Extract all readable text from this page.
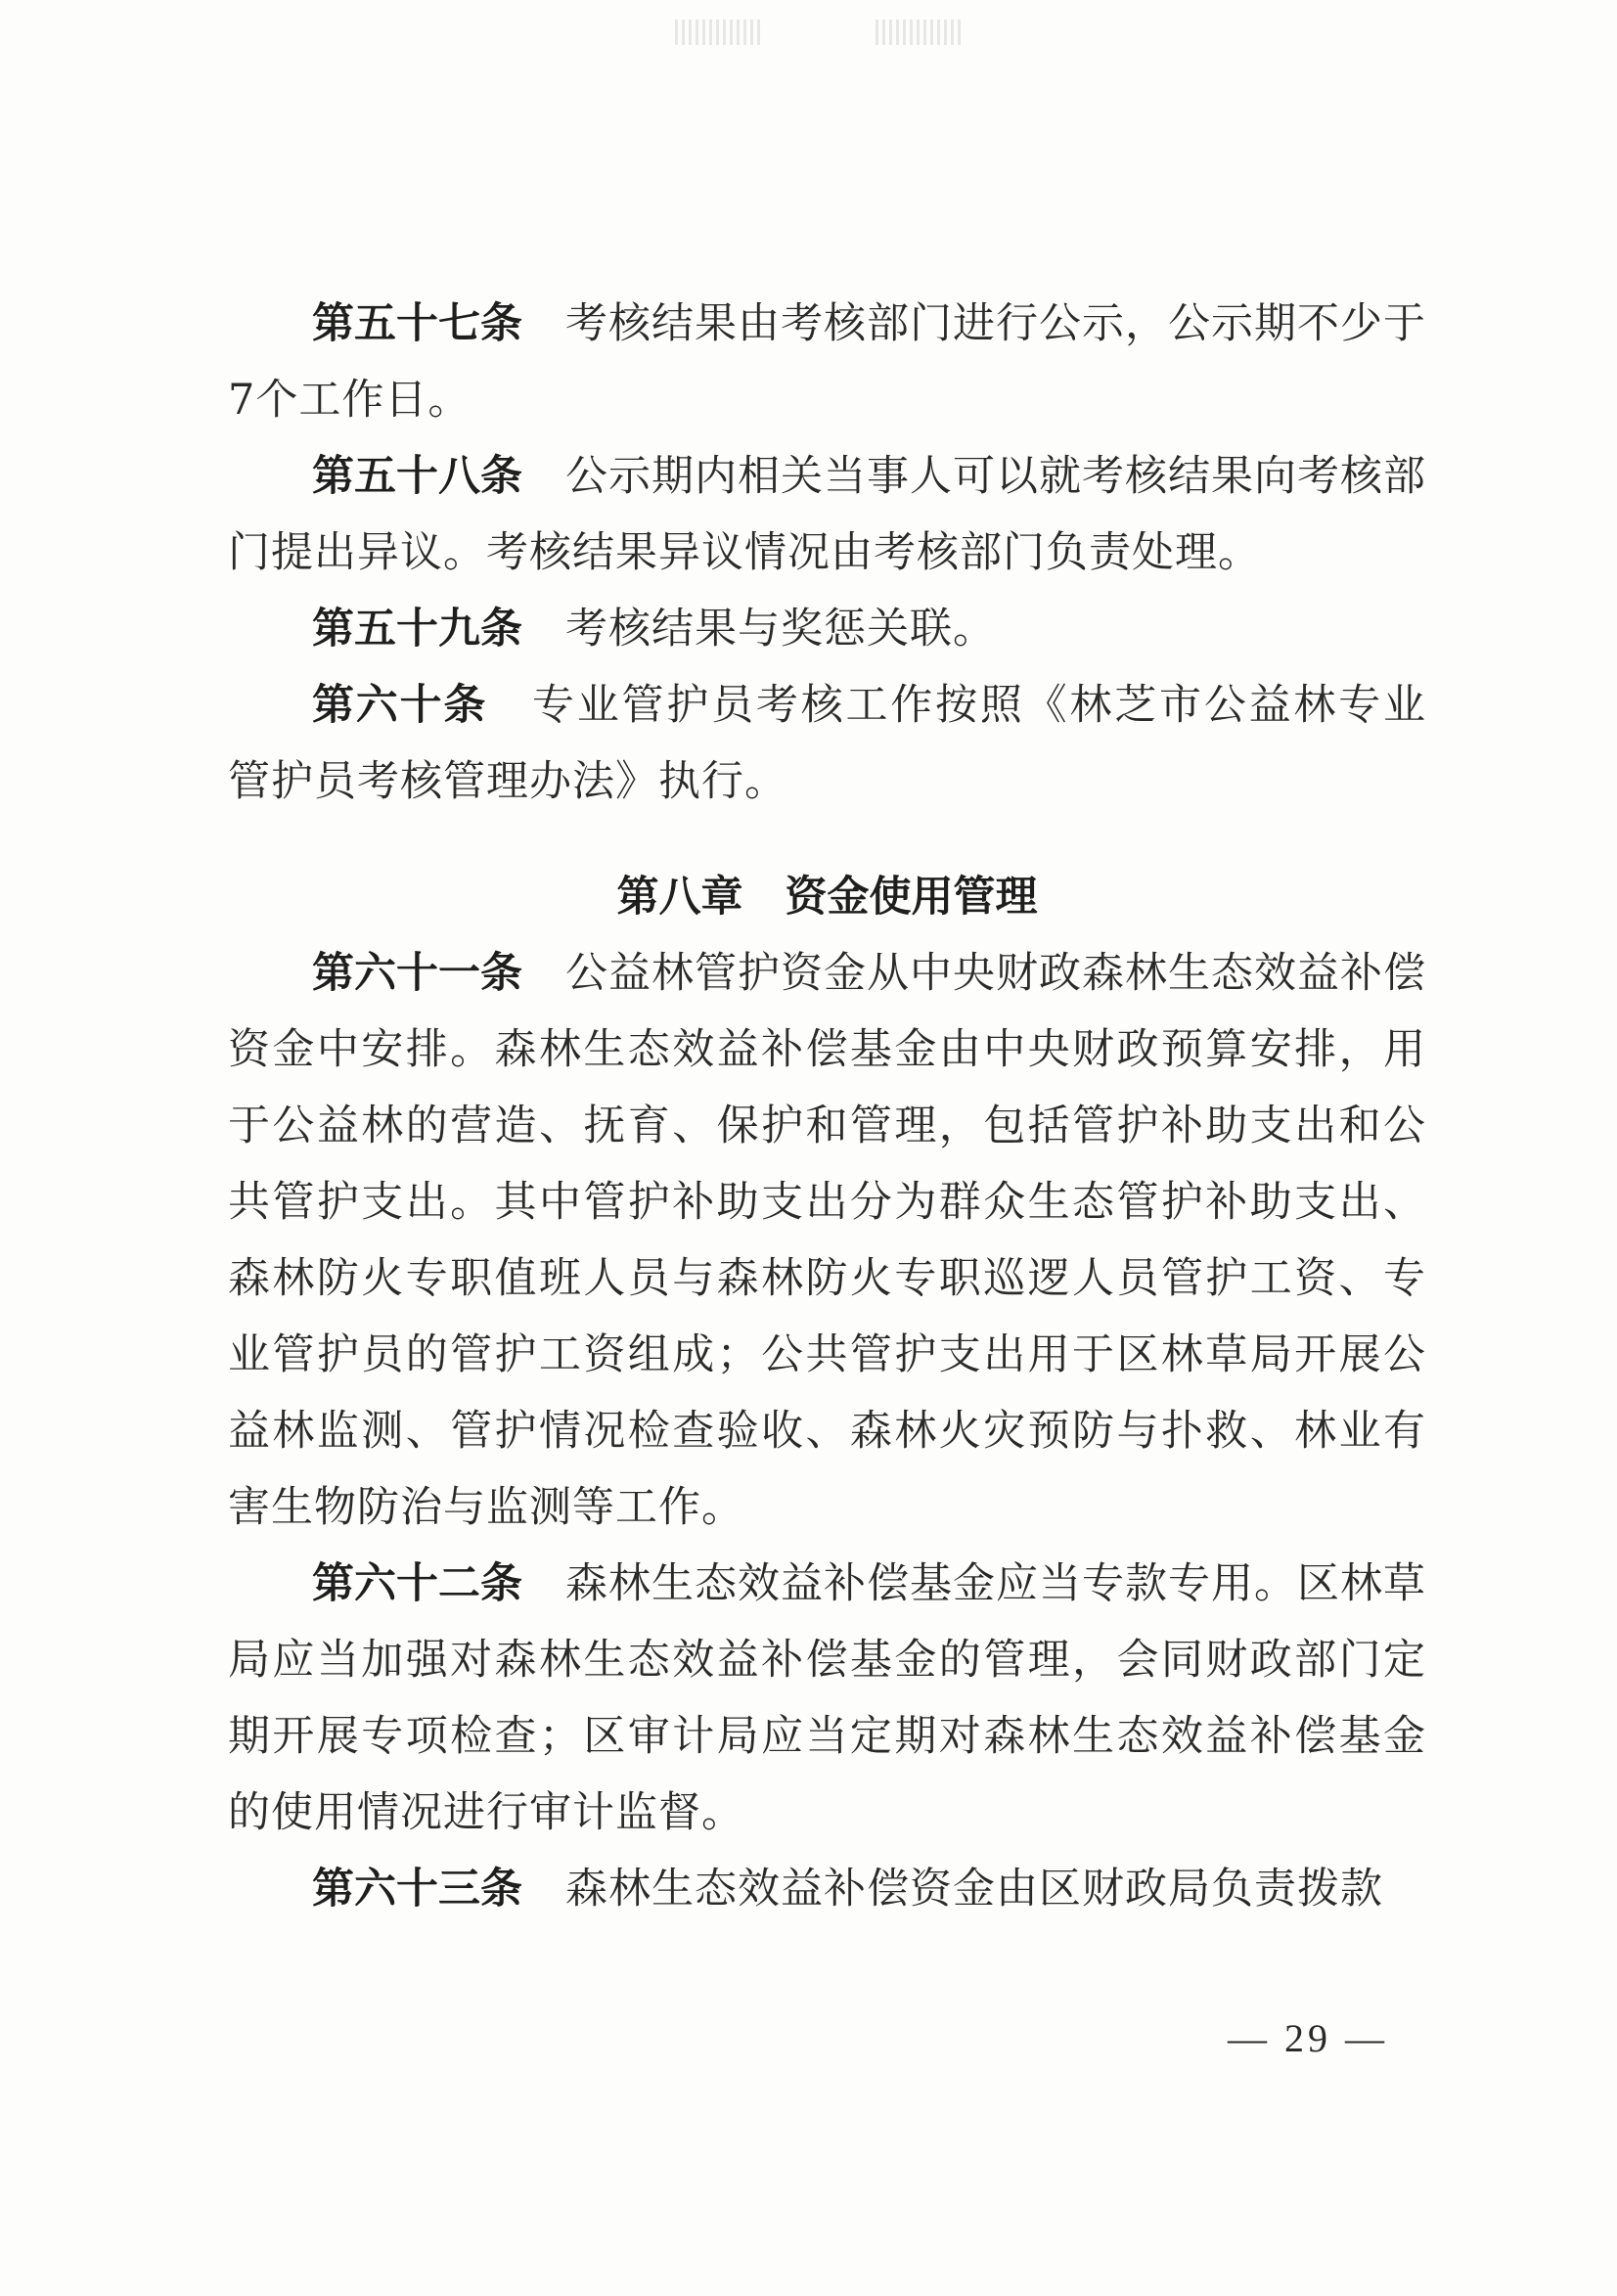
第五十七条　 考核结果由考核部门进行公示，公示期不少于7个工作日。

第五十八条　 公示期内相关当事人可以就考核结果向考核部门提出异议。考核结果异议情况由考核部门负责处理。

第五十九条　 考核结果与奖惩关联。

第六十条　 专业管护员考核工作按照《林芝市公益林专业管护员考核管理办法》执行。

第八章　资金使用管理

第六十一条　 公益林管护资金从中央财政森林生态效益补偿资金中安排。森林生态效益补偿基金由中央财政预算安排，用于公益林的营造、抚育、保护和管理，包括管护补助支出和公共管护支出。其中管护补助支出分为群众生态管护补助支出、森林防火专职值班人员与森林防火专职巡逻人员管护工资、专业管护员的管护工资组成；公共管护支出用于区林草局开展公益林监测、管护情况检查验收、森林火灾预防与扑救、林业有害生物防治与监测等工作。

第六十二条　 森林生态效益补偿基金应当专款专用。区林草局应当加强对森林生态效益补偿基金的管理，会同财政部门定期开展专项检查；区审计局应当定期对森林生态效益补偿基金的使用情况进行审计监督。

第六十三条　 森林生态效益补偿资金由区财政局负责拨款

— 29 —
